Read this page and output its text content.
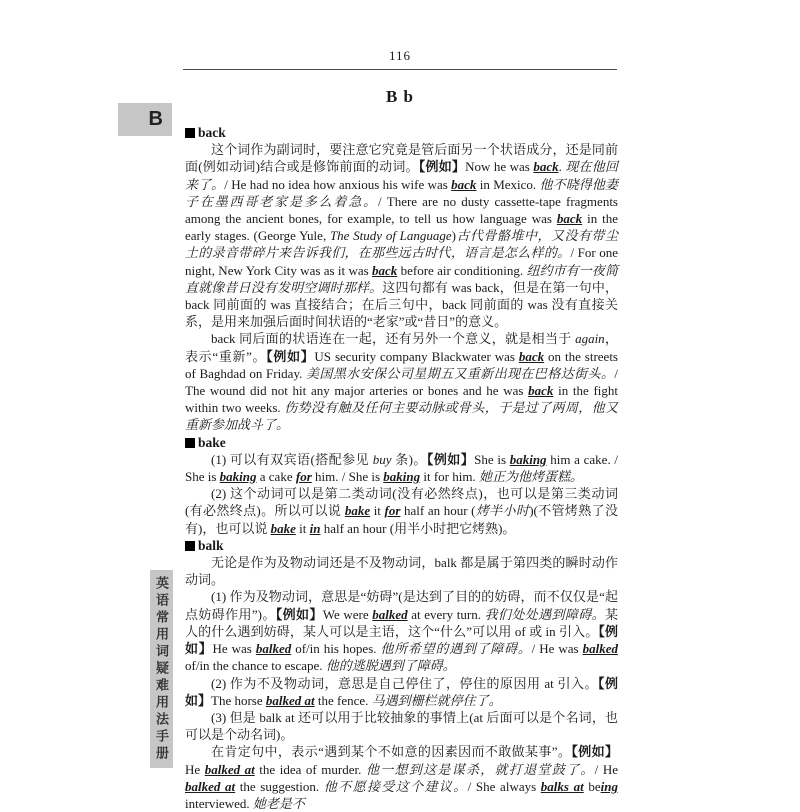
116
B b
B
英语常用词疑难用法手册
back

这个词作为副词时，要注意它究竟是管后面另一个状语成分，还是同前面(例如动词)结合或是修饰前面的动词。【例如】Now he was back. 现在他回来了。/ He had no idea how anxious his wife was back in Mexico. 他不晓得他妻子在墨西哥老家是多么着急。/ There are no dusty cassette-tape fragments among the ancient bones, for example, to tell us how language was back in the early stages. (George Yule, The Study of Language)古代骨骼堆中，又没有带尘土的录音带碎片来告诉我们，在那些远古时代，语言是怎么样的。/ For one night, New York City was as it was back before air conditioning. 纽约市有一夜简直就像昔日没有发明空调时那样。这四句都有 was back，但是在第一句中，back 同前面的 was 直接结合；在后三句中，back 同前面的 was 没有直接关系，是用来加强后面时间状语的“老家”或“昔日”的意义。

back 同后面的状语连在一起，还有另外一个意义，就是相当于 again，表示“重新”。【例如】US security company Blackwater was back on the streets of Baghdad on Friday. 美国黑水安保公司星期五又重新出现在巴格达街头。/ The wound did not hit any major arteries or bones and he was back in the fight within two weeks. 伤势没有触及任何主要动脉或骨头，于是过了两周，他又重新参加战斗了。

bake

(1) 可以有双宾语(搭配参见 buy 条)。【例如】She is baking him a cake. / She is baking a cake for him. / She is baking it for him. 她正为他烤蛋糕。

(2) 这个动词可以是第二类动词(没有必然终点)，也可以是第三类动词(有必然终点)。所以可以说 bake it for half an hour (烤半小时)(不管烤熟了没有)，也可以说 bake it in half an hour (用半小时把它烤熟)。

balk

无论是作为及物动词还是不及物动词，balk 都是属于第四类的瞬时动作动词。

(1) 作为及物动词，意思是“妨碍”(是达到了目的的妨碍，而不仅仅是“起点妨碍作用”)。【例如】We were balked at every turn. 我们处处遇到障碍。某人的什么遇到妨碍，某人可以是主语，这个“什么”可以用 of 或 in 引入。【例如】He was balked of/in his hopes. 他所希望的遇到了障碍。/ He was balked of/in the chance to escape. 他的逃脱遇到了障碍。

(2) 作为不及物动词，意思是自己停住了，停住的原因用 at 引入。【例如】The horse balked at the fence. 马遇到栅栏就停住了。

(3) 但是 balk at 还可以用于比较抽象的事情上(at 后面可以是个名词，也可以是个动名词)。

在肯定句中，表示“遇到某个不如意的因素因而不敢做某事”。【例如】He balked at the idea of murder. 他一想到这是谋杀，就打退堂鼓了。/ He balked at the suggestion. 他不愿接受这个建议。/ She always balks at being interviewed. 她老是不
